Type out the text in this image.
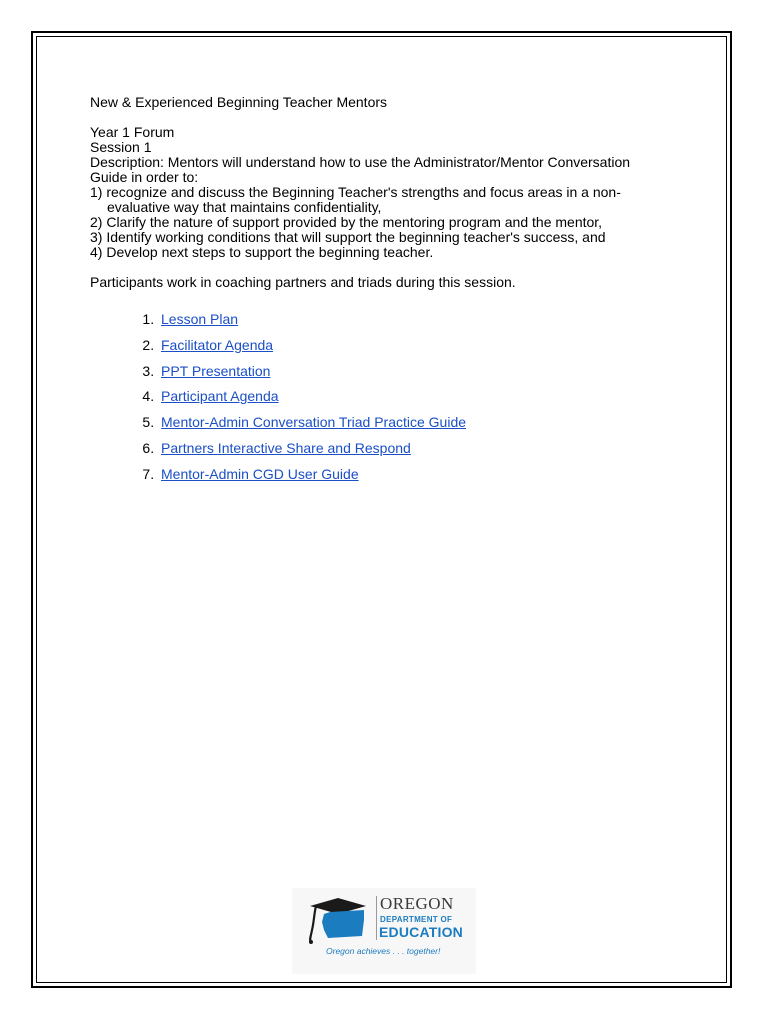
New & Experienced Beginning Teacher Mentors
Year 1 Forum
Session 1
Description: Mentors will understand how to use the Administrator/Mentor Conversation
Guide in order to:
1) recognize and discuss the Beginning Teacher's strengths and focus areas in a non-
evaluative way that maintains confidentiality,
2) Clarify the nature of support provided by the mentoring program and the mentor,
3) Identify working conditions that will support the beginning teacher's success, and
4) Develop next steps to support the beginning teacher.
Participants work in coaching partners and triads during this session.
1. Lesson Plan
2. Facilitator Agenda
3. PPT Presentation
4. Participant Agenda
5. Mentor-Admin Conversation Triad Practice Guide
6. Partners Interactive Share and Respond
7. Mentor-Admin CGD User Guide
OREGON
DEPARTMENT OF
EDUCATION
Oregon achieves . . . together!
